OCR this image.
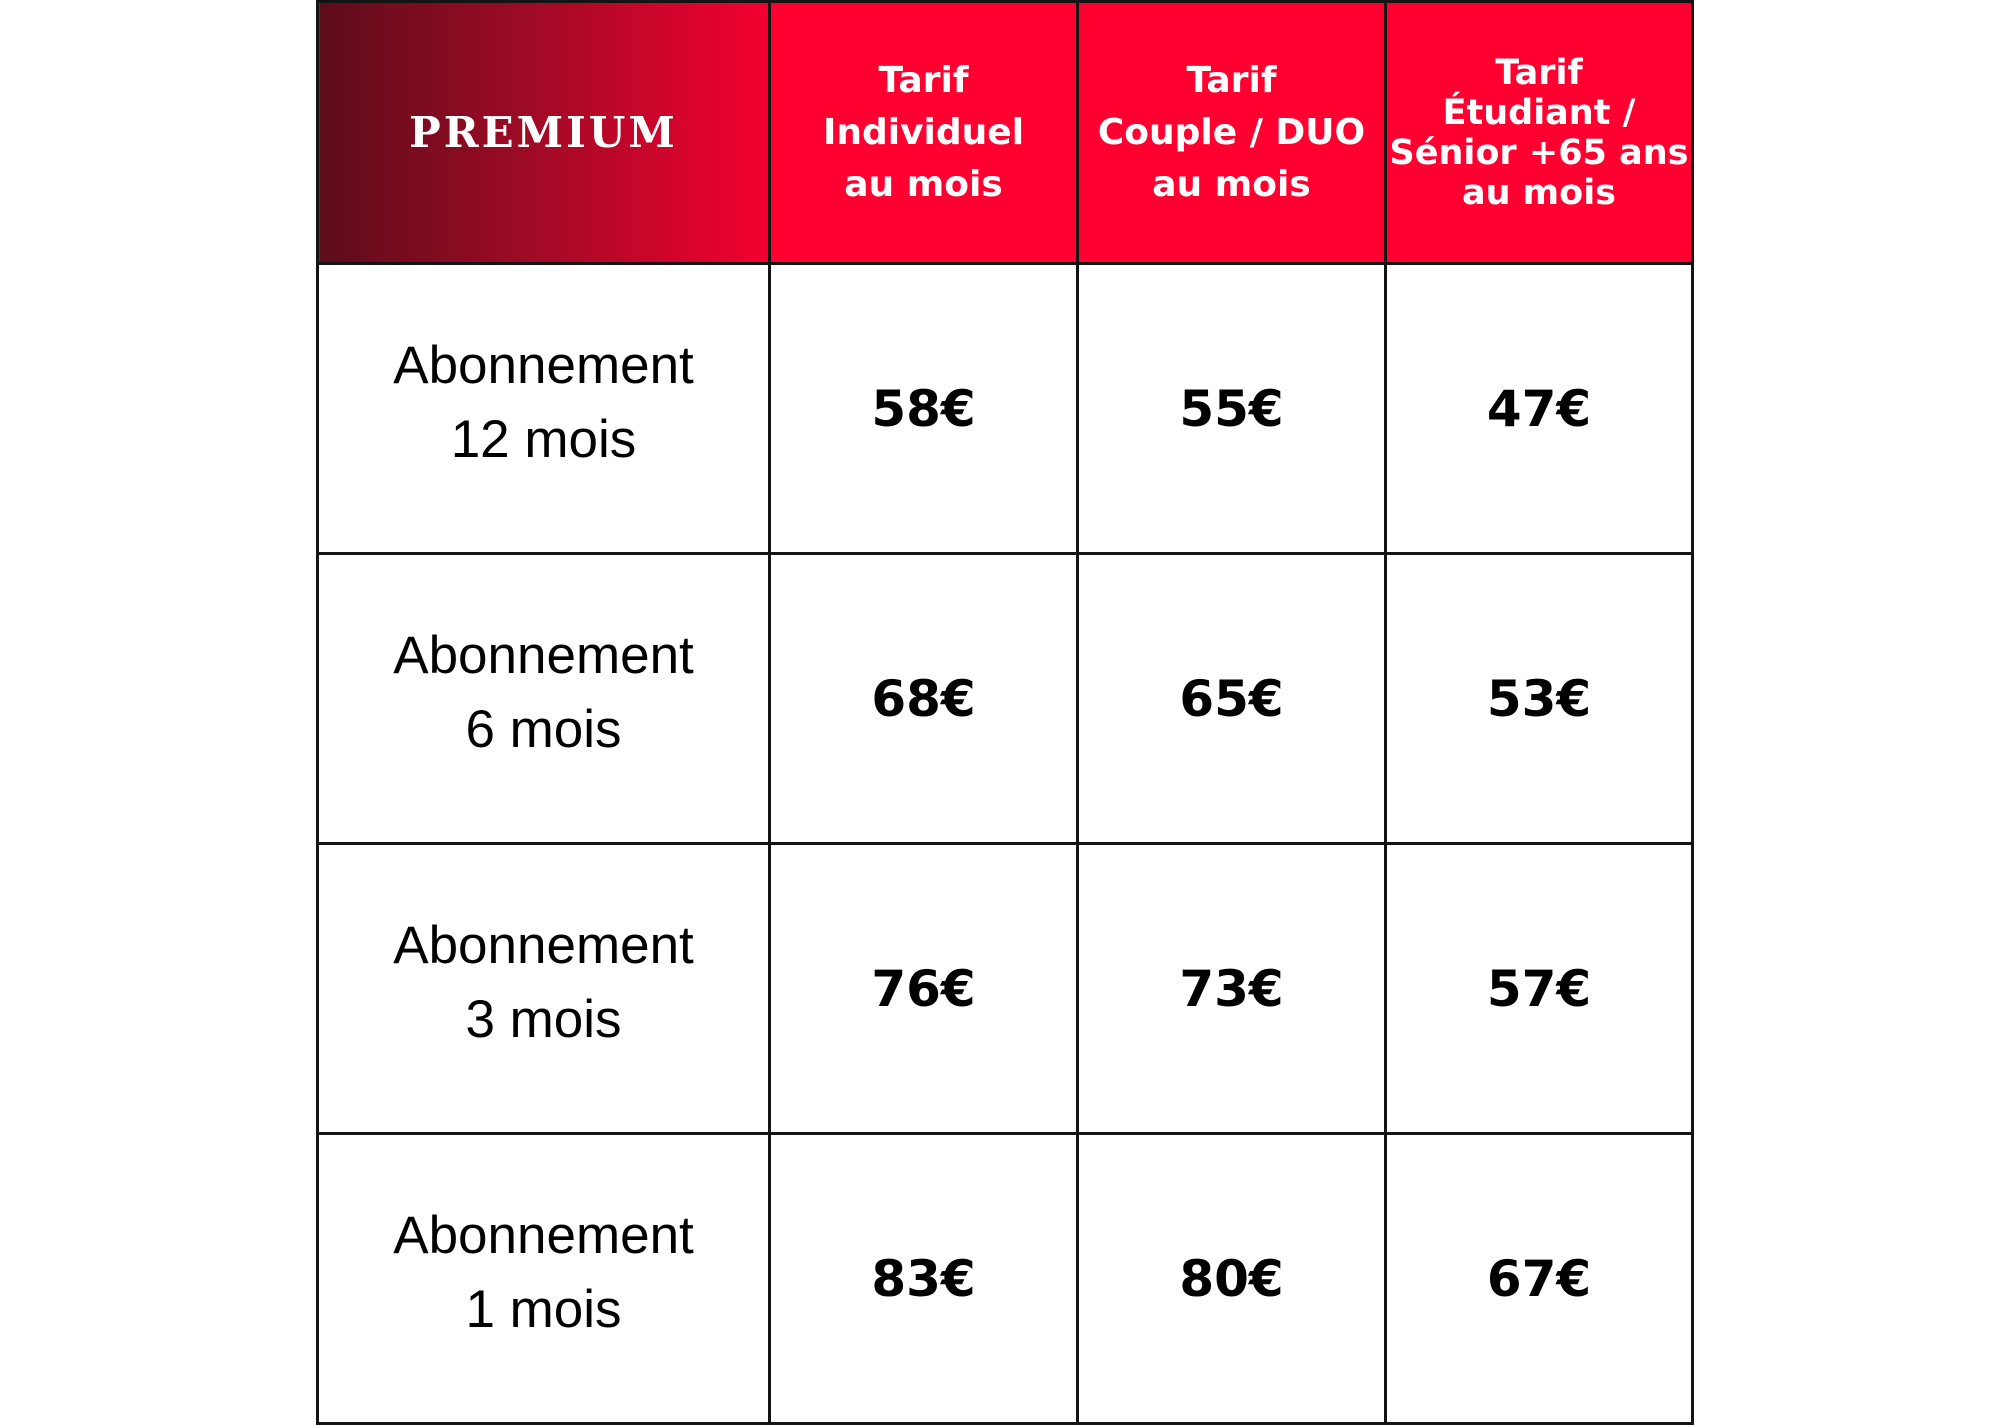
PREMIUM	Tarif
Individuel
au mois	Tarif
Couple / DUO
au mois	Tarif
Étudiant /
Sénior +65 ans
au mois

Abonnement
12 mois	58€	55€	47€

Abonnement
6 mois	68€	65€	53€

Abonnement
3 mois	76€	73€	57€

Abonnement
1 mois	83€	80€	67€
